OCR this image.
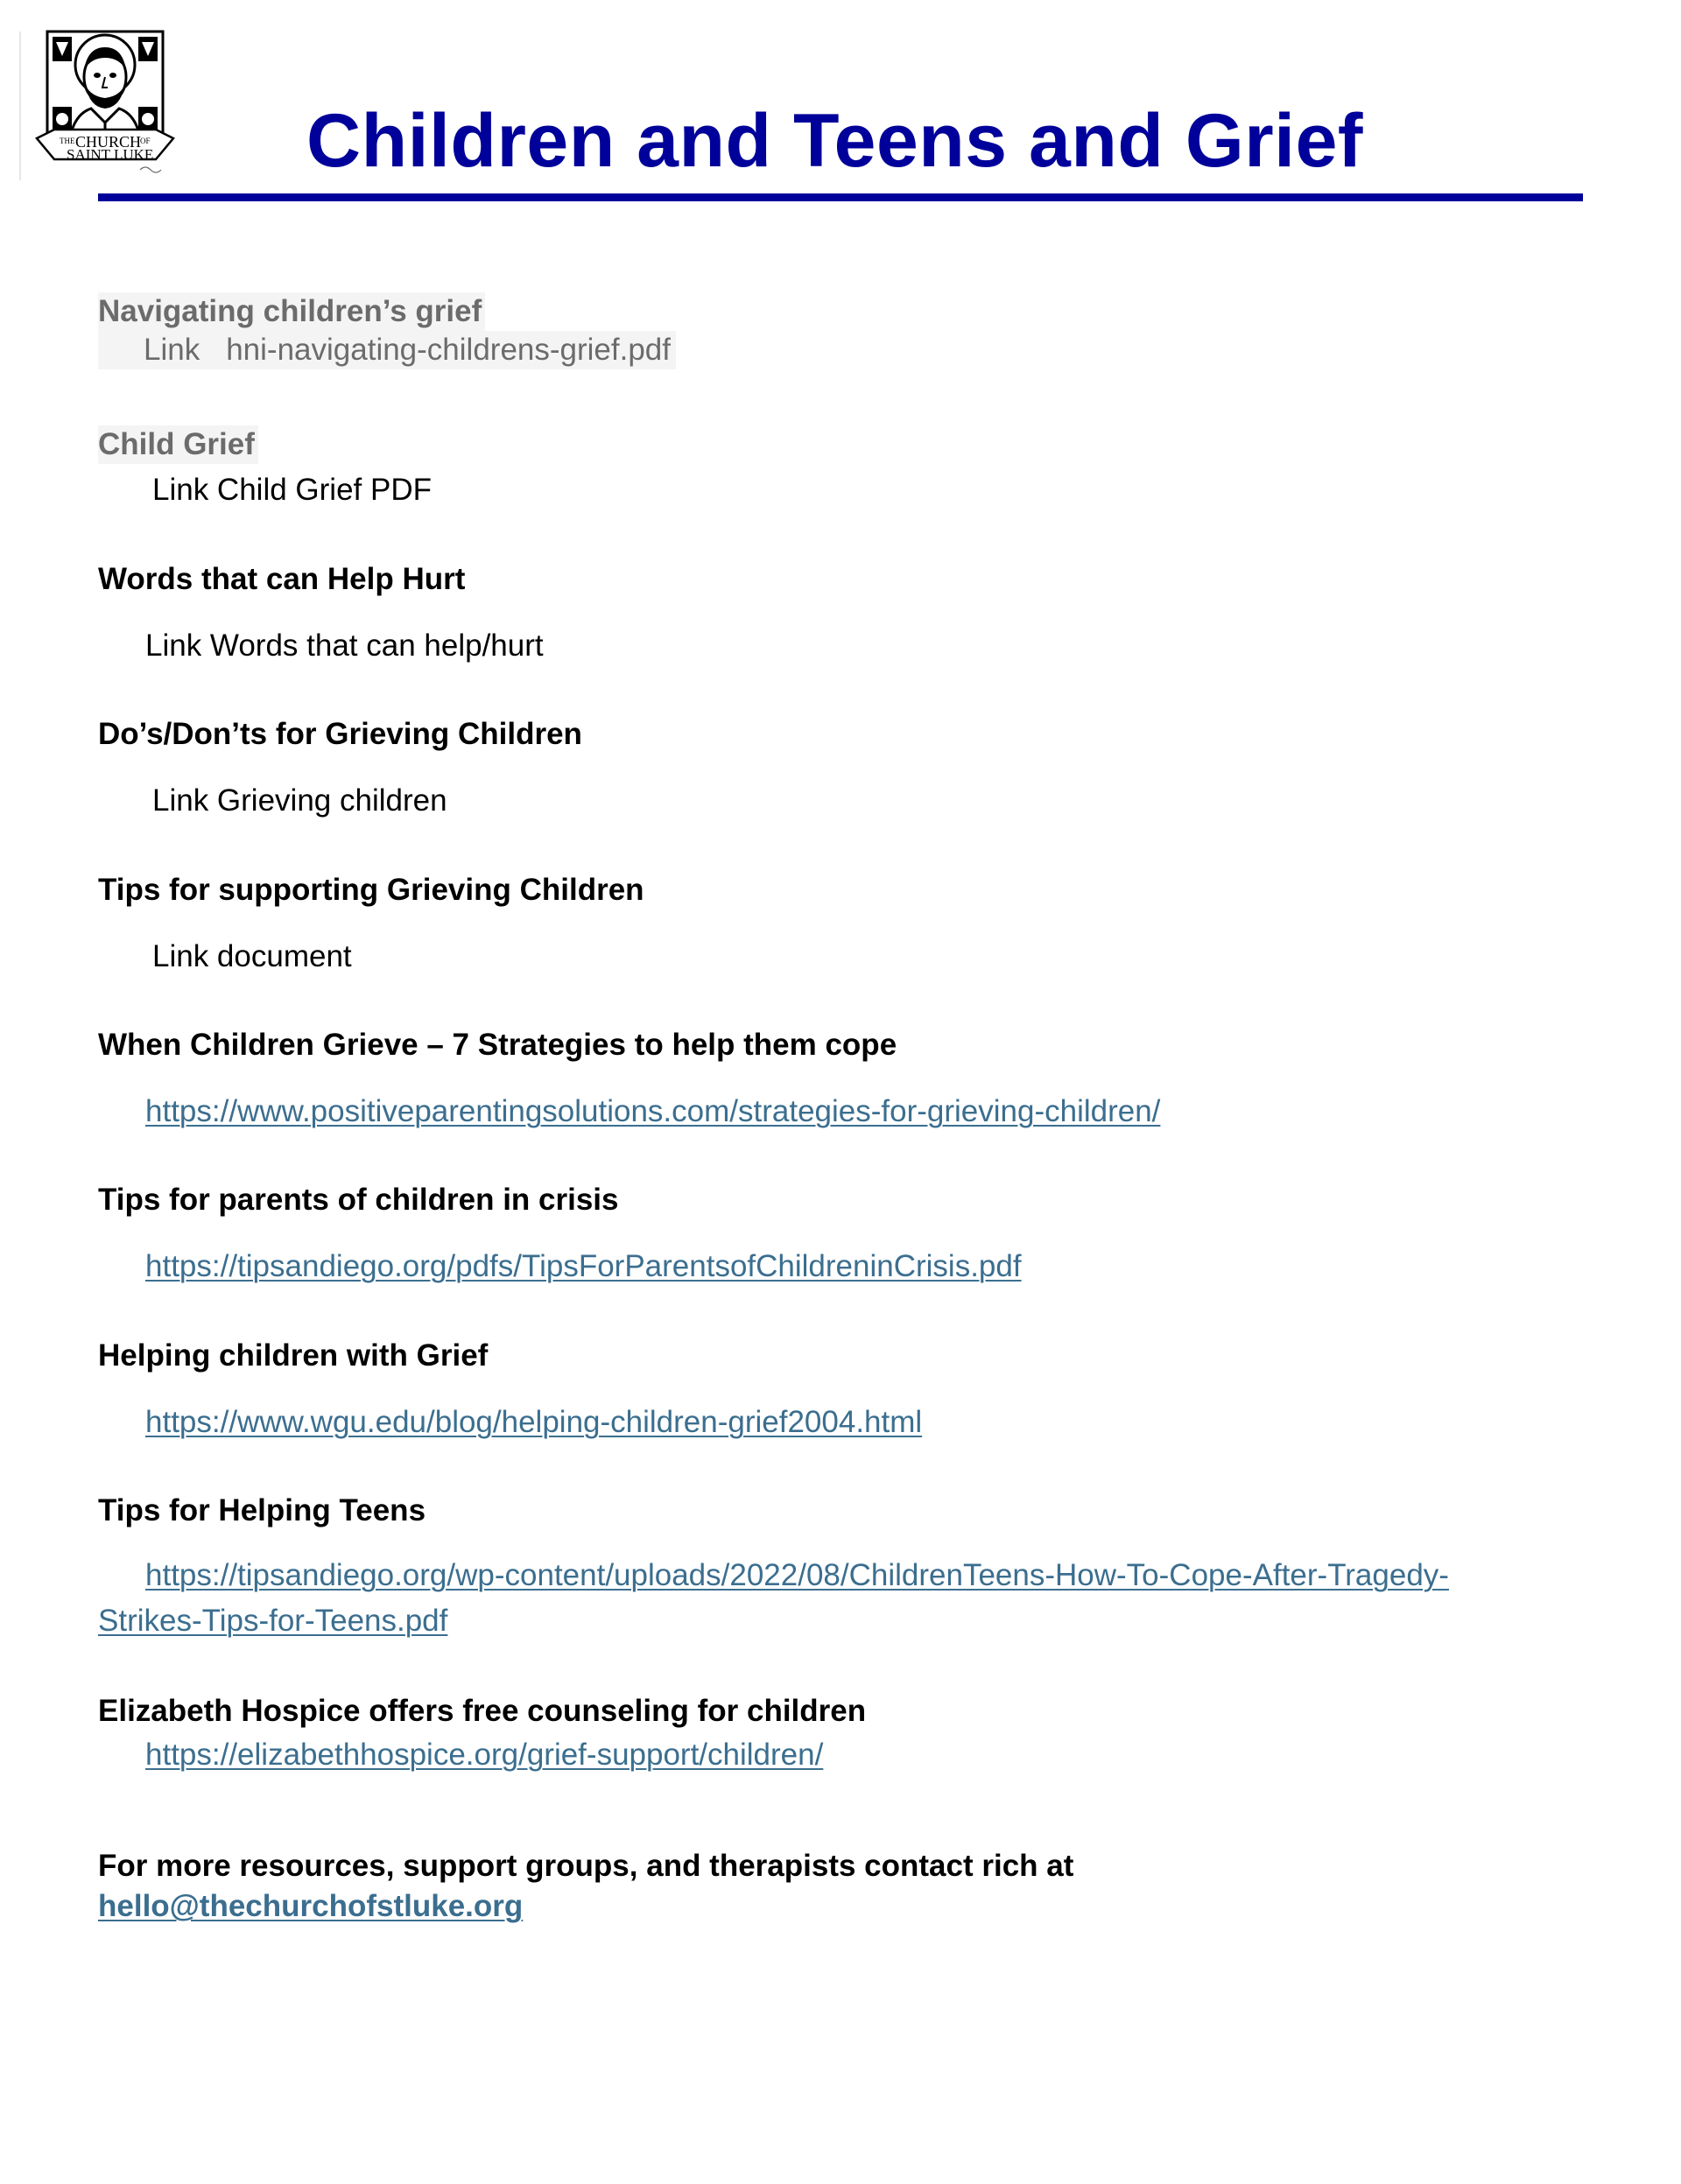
THE CHURCH
OF
SAINT LUKE Children and Teens and Grief
Navigating children’s grief
Link hni-navigating-childrens-grief.pdf
Child Grief
Link Child Grief PDF
Words that can Help Hurt
Link Words that can help/hurt
Do’s/Don’ts for Grieving Children
Link Grieving children
Tips for supporting Grieving Children
Link document
When Children Grieve – 7 Strategies to help them cope
https://www.positiveparentingsolutions.com/strategies-for-grieving-children/
Tips for parents of children in crisis
https://tipsandiego.org/pdfs/TipsForParentsofChildreninCrisis.pdf
Helping children with Grief
https://www.wgu.edu/blog/helping-children-grief2004.html
Tips for Helping Teens
https://tipsandiego.org/wp-content/uploads/2022/08/ChildrenTeens-How-To-Cope-After-Tragedy-
Strikes-Tips-for-Teens.pdf
Elizabeth Hospice offers free counseling for children
https://elizabethhospice.org/grief-support/children/
For more resources, support groups, and therapists contact rich at
hello@thechurchofstluke.org
